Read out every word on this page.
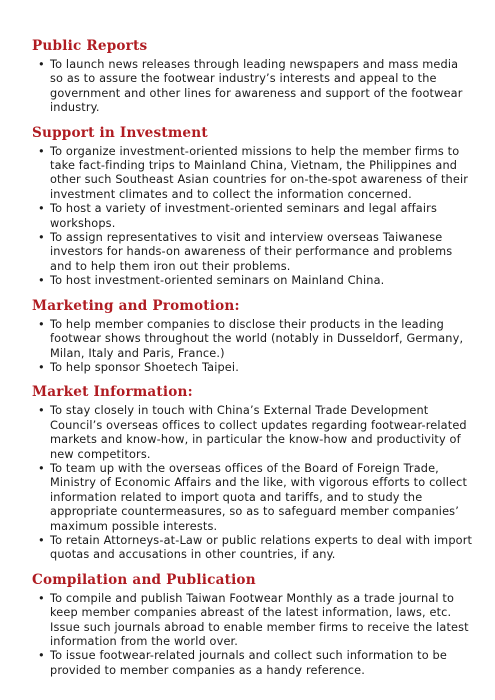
Public Reports
• To launch news releases through leading newspapers and mass media so as to assure the footwear industry’s interests and appeal to the government and other lines for awareness and support of the footwear industry.
Support in Investment
• To organize investment-oriented missions to help the member firms to take fact-finding trips to Mainland China, Vietnam, the Philippines and other such Southeast Asian countries for on-the-spot awareness of their investment climates and to collect the information concerned.
• To host a variety of investment-oriented seminars and legal affairs workshops.
• To assign representatives to visit and interview overseas Taiwanese investors for hands-on awareness of their performance and problems and to help them iron out their problems.
• To host investment-oriented seminars on Mainland China.
Marketing and Promotion:
• To help member companies to disclose their products in the leading footwear shows throughout the world (notably in Dusseldorf, Germany, Milan, Italy and Paris, France.)
• To help sponsor Shoetech Taipei.
Market Information:
• To stay closely in touch with China’s External Trade Development Council’s overseas offices to collect updates regarding footwear-related markets and know-how, in particular the know-how and productivity of new competitors.
• To team up with the overseas offices of the Board of Foreign Trade, Ministry of Economic Affairs and the like, with vigorous efforts to collect information related to import quota and tariffs, and to study the appropriate countermeasures, so as to safeguard member companies’ maximum possible interests.
• To retain Attorneys-at-Law or public relations experts to deal with import quotas and accusations in other countries, if any.
Compilation and Publication
• To compile and publish Taiwan Footwear Monthly as a trade journal to keep member companies abreast of the latest information, laws, etc. Issue such journals abroad to enable member firms to receive the latest information from the world over.
• To issue footwear-related journals and collect such information to be provided to member companies as a handy reference.
